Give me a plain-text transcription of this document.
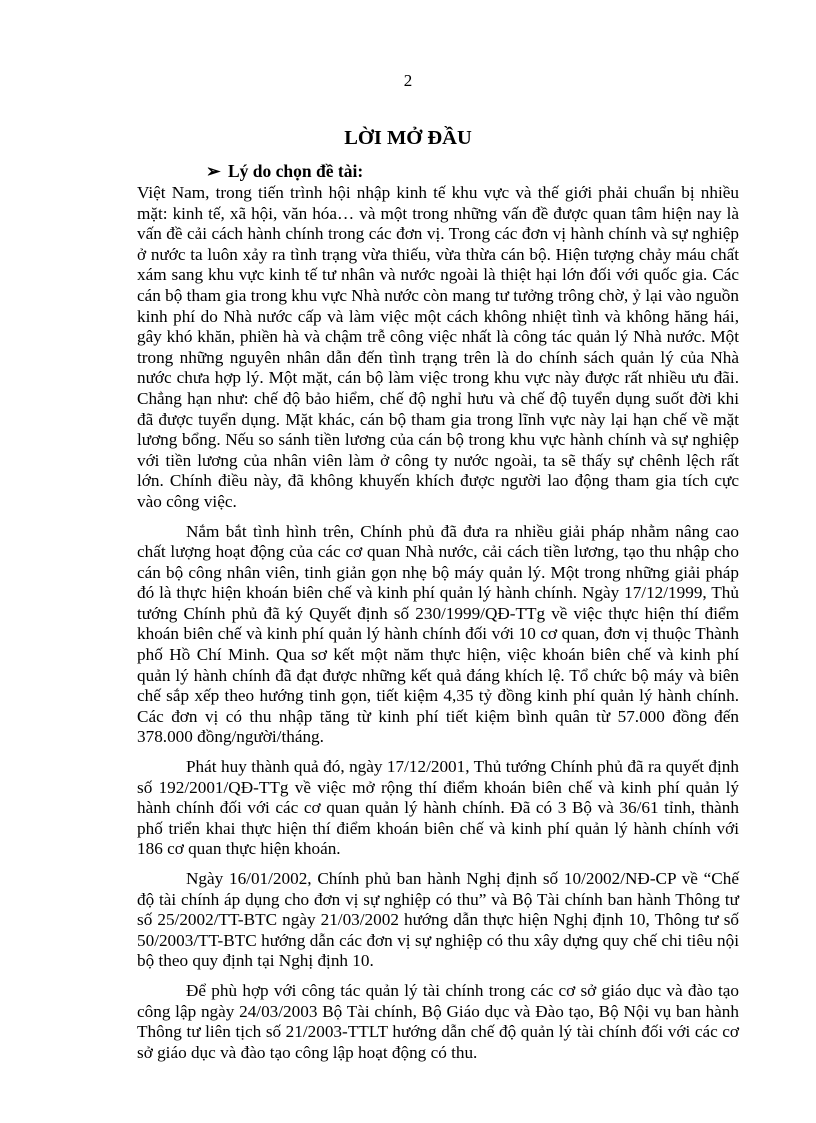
2
LỜI MỞ ĐẦU
➢ Lý do chọn đề tài:

Việt Nam, trong tiến trình hội nhập kinh tế khu vực và thế giới phải chuẩn bị nhiều mặt: kinh tế, xã hội, văn hóa… và một trong những vấn đề được quan tâm hiện nay là vấn đề cải cách hành chính trong các đơn vị. Trong các đơn vị hành chính và sự nghiệp ở nước ta luôn xảy ra tình trạng vừa thiếu, vừa thừa cán bộ. Hiện tượng chảy máu chất xám sang khu vực kinh tế tư nhân và nước ngoài là thiệt hại lớn đối với quốc gia. Các cán bộ tham gia trong khu vực Nhà nước còn mang tư tưởng trông chờ, ỷ lại vào nguồn kinh phí do Nhà nước cấp và làm việc một cách không nhiệt tình và không hăng hái, gây khó khăn, phiền hà và chậm trễ công việc nhất là công tác quản lý Nhà nước. Một trong những nguyên nhân dẫn đến tình trạng trên là do chính sách quản lý của Nhà nước chưa hợp lý. Một mặt, cán bộ làm việc trong khu vực này được rất nhiều ưu đãi. Chẳng hạn như: chế độ bảo hiểm, chế độ nghỉ hưu và chế độ tuyển dụng suốt đời khi đã được tuyển dụng. Mặt khác, cán bộ tham gia trong lĩnh vực này lại hạn chế về mặt lương bổng. Nếu so sánh tiền lương của cán bộ trong khu vực hành chính và sự nghiệp với tiền lương của nhân viên làm ở công ty nước ngoài, ta sẽ thấy sự chênh lệch rất lớn. Chính điều này, đã không khuyến khích được người lao động tham gia tích cực vào công việc.

Nắm bắt tình hình trên, Chính phủ đã đưa ra nhiều giải pháp nhằm nâng cao chất lượng hoạt động của các cơ quan Nhà nước, cải cách tiền lương, tạo thu nhập cho cán bộ công nhân viên, tinh giản gọn nhẹ bộ máy quản lý. Một trong những giải pháp đó là thực hiện khoán biên chế và kinh phí quản lý hành chính. Ngày 17/12/1999, Thủ tướng Chính phủ đã ký Quyết định số 230/1999/QĐ-TTg về việc thực hiện thí điểm khoán biên chế và kinh phí quản lý hành chính đối với 10 cơ quan, đơn vị thuộc Thành phố Hồ Chí Minh. Qua sơ kết một năm thực hiện, việc khoán biên chế và kinh phí quản lý hành chính đã đạt được những kết quả đáng khích lệ. Tổ chức bộ máy và biên chế sắp xếp theo hướng tinh gọn, tiết kiệm 4,35 tỷ đồng kinh phí quản lý hành chính. Các đơn vị có thu nhập tăng từ kinh phí tiết kiệm bình quân từ 57.000 đồng đến 378.000 đồng/người/tháng.

Phát huy thành quả đó, ngày 17/12/2001, Thủ tướng Chính phủ đã ra quyết định số 192/2001/QĐ-TTg về việc mở rộng thí điểm khoán biên chế và kinh phí quản lý hành chính đối với các cơ quan quản lý hành chính. Đã có 3 Bộ và 36/61 tỉnh, thành phố triển khai thực hiện thí điểm khoán biên chế và kinh phí quản lý hành chính với 186 cơ quan thực hiện khoán.

Ngày 16/01/2002, Chính phủ ban hành Nghị định số 10/2002/NĐ-CP về “Chế độ tài chính áp dụng cho đơn vị sự nghiệp có thu” và Bộ Tài chính ban hành Thông tư số 25/2002/TT-BTC ngày 21/03/2002 hướng dẫn thực hiện Nghị định 10, Thông tư số 50/2003/TT-BTC hướng dẫn các đơn vị sự nghiệp có thu xây dựng quy chế chi tiêu nội bộ theo quy định tại Nghị định 10.

Để phù hợp với công tác quản lý tài chính trong các cơ sở giáo dục và đào tạo công lập ngày 24/03/2003 Bộ Tài chính, Bộ Giáo dục và Đào tạo, Bộ Nội vụ ban hành Thông tư liên tịch số 21/2003-TTLT hướng dẫn chế độ quản lý tài chính đối với các cơ sở giáo dục và đào tạo công lập hoạt động có thu.
